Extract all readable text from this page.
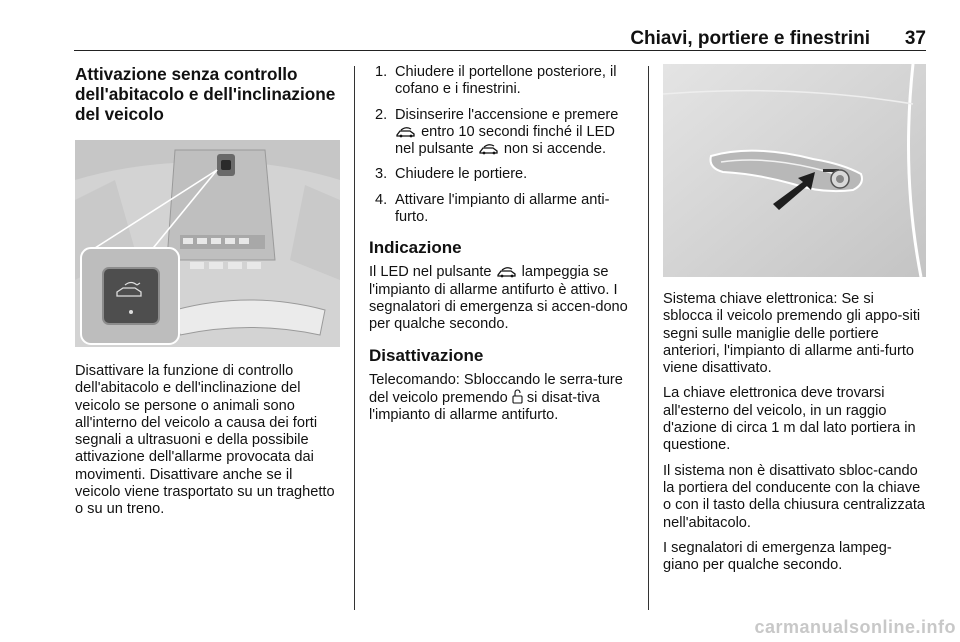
Chiavi, portiere e finestrini 37
Attivazione senza controllo dell'abitacolo e dell'inclinazione del veicolo

Disattivare la funzione di controllo dell'abitacolo e dell'inclinazione del veicolo se persone o animali sono all'interno del veicolo a causa dei forti segnali a ultrasuoni e della possibile attivazione dell'allarme provocata dai movimenti. Disattivare anche se il veicolo viene trasportato su un traghetto o su un treno.

1. Chiudere il portellone posteriore, il cofano e i finestrini.
2. Disinserire l'accensione e premere  entro 10 secondi finché il LED nel pulsante non si accende.
3. Chiudere le portiere.
4. Attivare l'impianto di allarme anti-furto.
Indicazione

Il LED nel pulsante lampeggia se l'impianto di allarme antifurto è attivo. I segnalatori di emergenza si accen-dono per qualche secondo.

Disattivazione

Telecomando: Sbloccando le serra-ture del veicolo premendo si disat-tiva l'impianto di allarme antifurto.

Sistema chiave elettronica: Se si sblocca il veicolo premendo gli appo-siti segni sulle maniglie delle portiere anteriori, l'impianto di allarme anti-furto viene disattivato.

La chiave elettronica deve trovarsi all'esterno del veicolo, in un raggio d'azione di circa 1 m dal lato portiera in questione.

Il sistema non è disattivato sbloc-cando la portiera del conducente con la chiave o con il tasto della chiusura centralizzata nell'abitacolo.

I segnalatori di emergenza lampeg-giano per qualche secondo.

carmanualsonline.info
